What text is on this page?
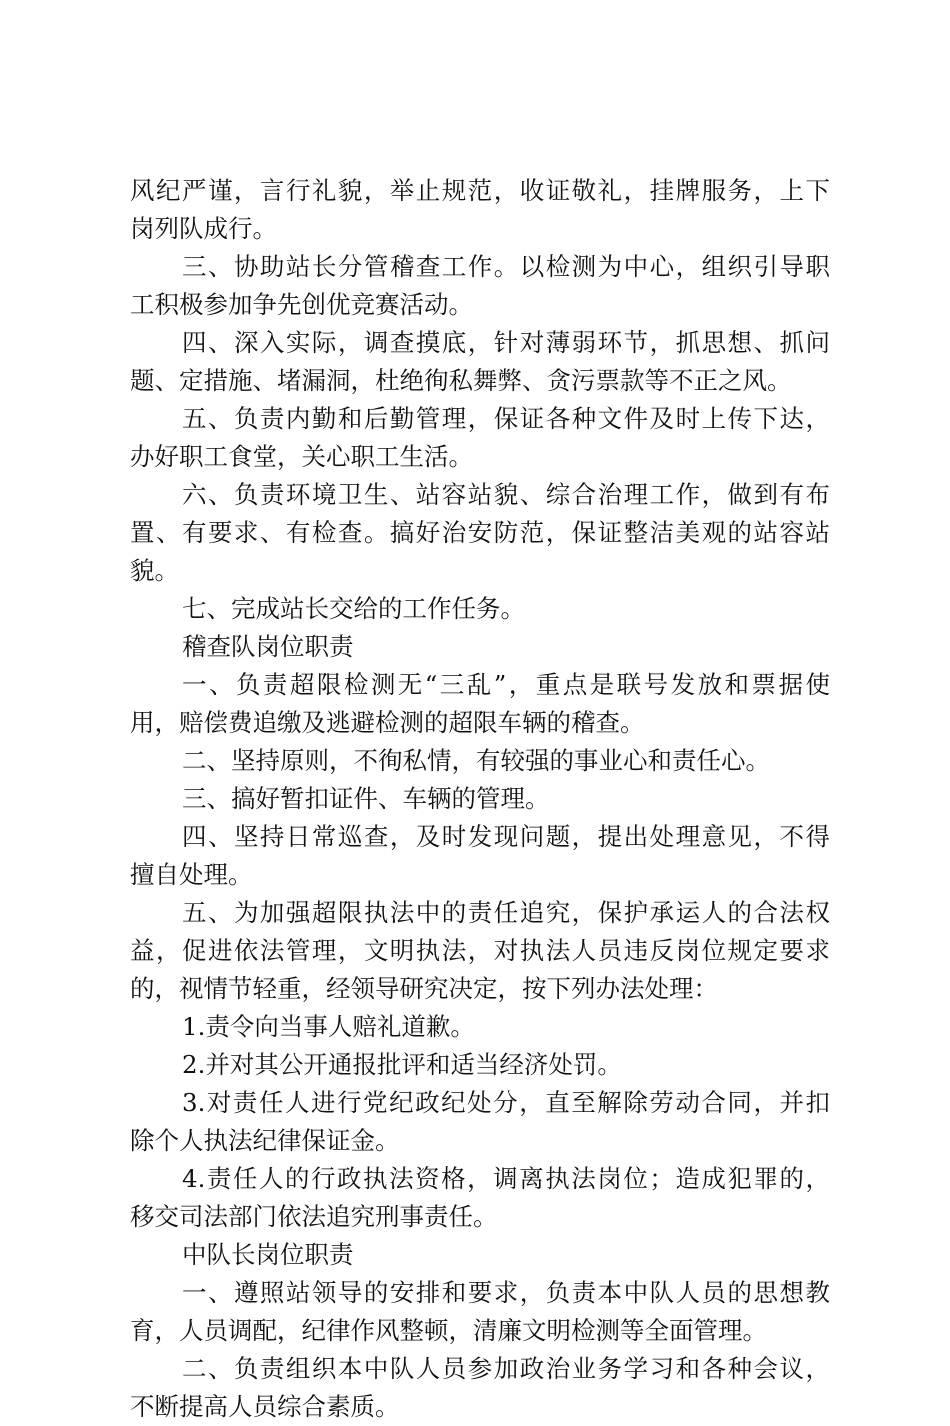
风纪严谨，言行礼貌，举止规范，收证敬礼，挂牌服务，上下
岗列队成行。
三、协助站长分管稽查工作。以检测为中心，组织引导职
工积极参加争先创优竞赛活动。
四、深入实际，调查摸底，针对薄弱环节，抓思想、抓问
题、定措施、堵漏洞，杜绝徇私舞弊、贪污票款等不正之风。
五、负责内勤和后勤管理，保证各种文件及时上传下达，
办好职工食堂，关心职工生活。
六、负责环境卫生、站容站貌、综合治理工作，做到有布
置、有要求、有检查。搞好治安防范，保证整洁美观的站容站
貌。
七、完成站长交给的工作任务。
稽查队岗位职责
一、负责超限检测无“三乱”，重点是联号发放和票据使
用，赔偿费追缴及逃避检测的超限车辆的稽查。
二、坚持原则，不徇私情，有较强的事业心和责任心。
三、搞好暂扣证件、车辆的管理。
四、坚持日常巡查，及时发现问题，提出处理意见，不得
擅自处理。
五、为加强超限执法中的责任追究，保护承运人的合法权
益，促进依法管理，文明执法，对执法人员违反岗位规定要求
的，视情节轻重，经领导研究决定，按下列办法处理：
1.责令向当事人赔礼道歉。
2.并对其公开通报批评和适当经济处罚。
3.对责任人进行党纪政纪处分，直至解除劳动合同，并扣
除个人执法纪律保证金。
4.责任人的行政执法资格，调离执法岗位；造成犯罪的，
移交司法部门依法追究刑事责任。
中队长岗位职责
一、遵照站领导的安排和要求，负责本中队人员的思想教
育，人员调配，纪律作风整顿，清廉文明检测等全面管理。
二、负责组织本中队人员参加政治业务学习和各种会议，
不断提高人员综合素质。
